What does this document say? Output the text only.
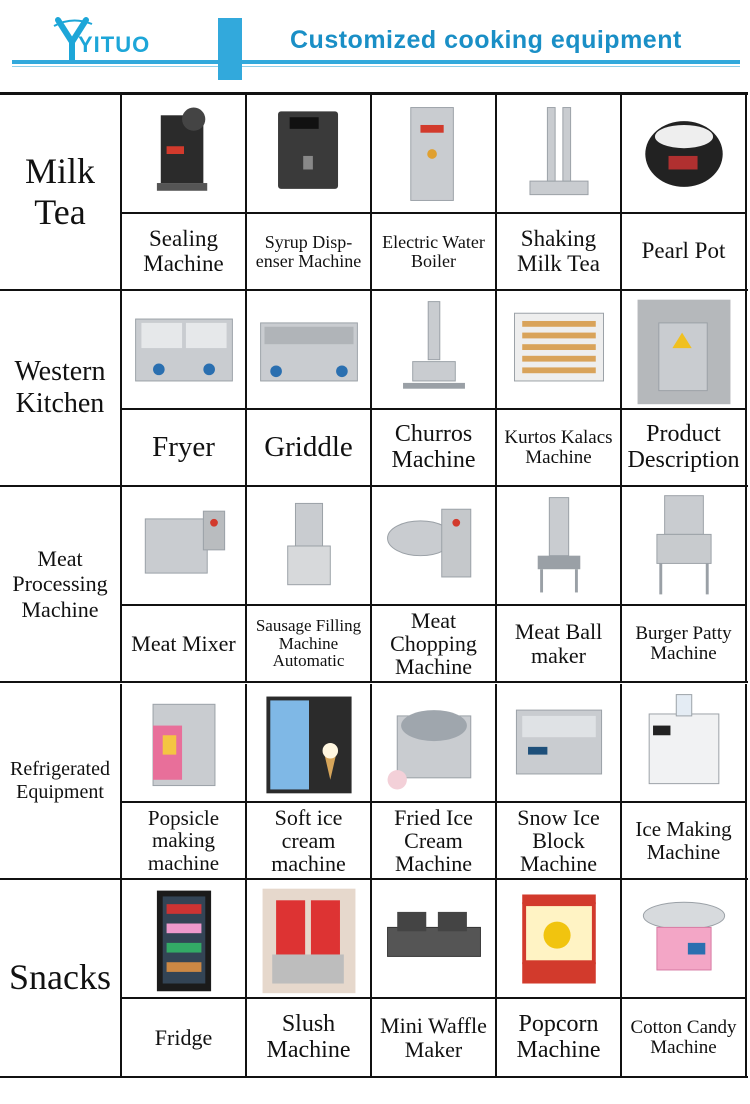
YITUO	Customized cooking equipment
Milk
Tea
Sealing
Machine
Syrup Disp-
enser Machine
Electric Water
Boiler
Shaking
Milk Tea Pearl Pot
Western
Kitchen
Fryer Griddle Churros
Machine
Kurtos Kalacs
Machine
Product
Description
Meat
Processing
Machine
Meat Mixer
Sausage Filling
Machine
Automatic
Meat
Chopping
Machine
Meat Ball
maker
Burger Patty
Machine
Refrigerated
Equipment
Popsicle
making
machine
Soft ice
cream
machine
Fried Ice
Cream
Machine
Snow Ice
Block
Machine
Ice Making
Machine
Snacks
Fridge
Slush
Machine
Mini Waffle
Maker
Popcorn
Machine
Cotton Candy
Machine
